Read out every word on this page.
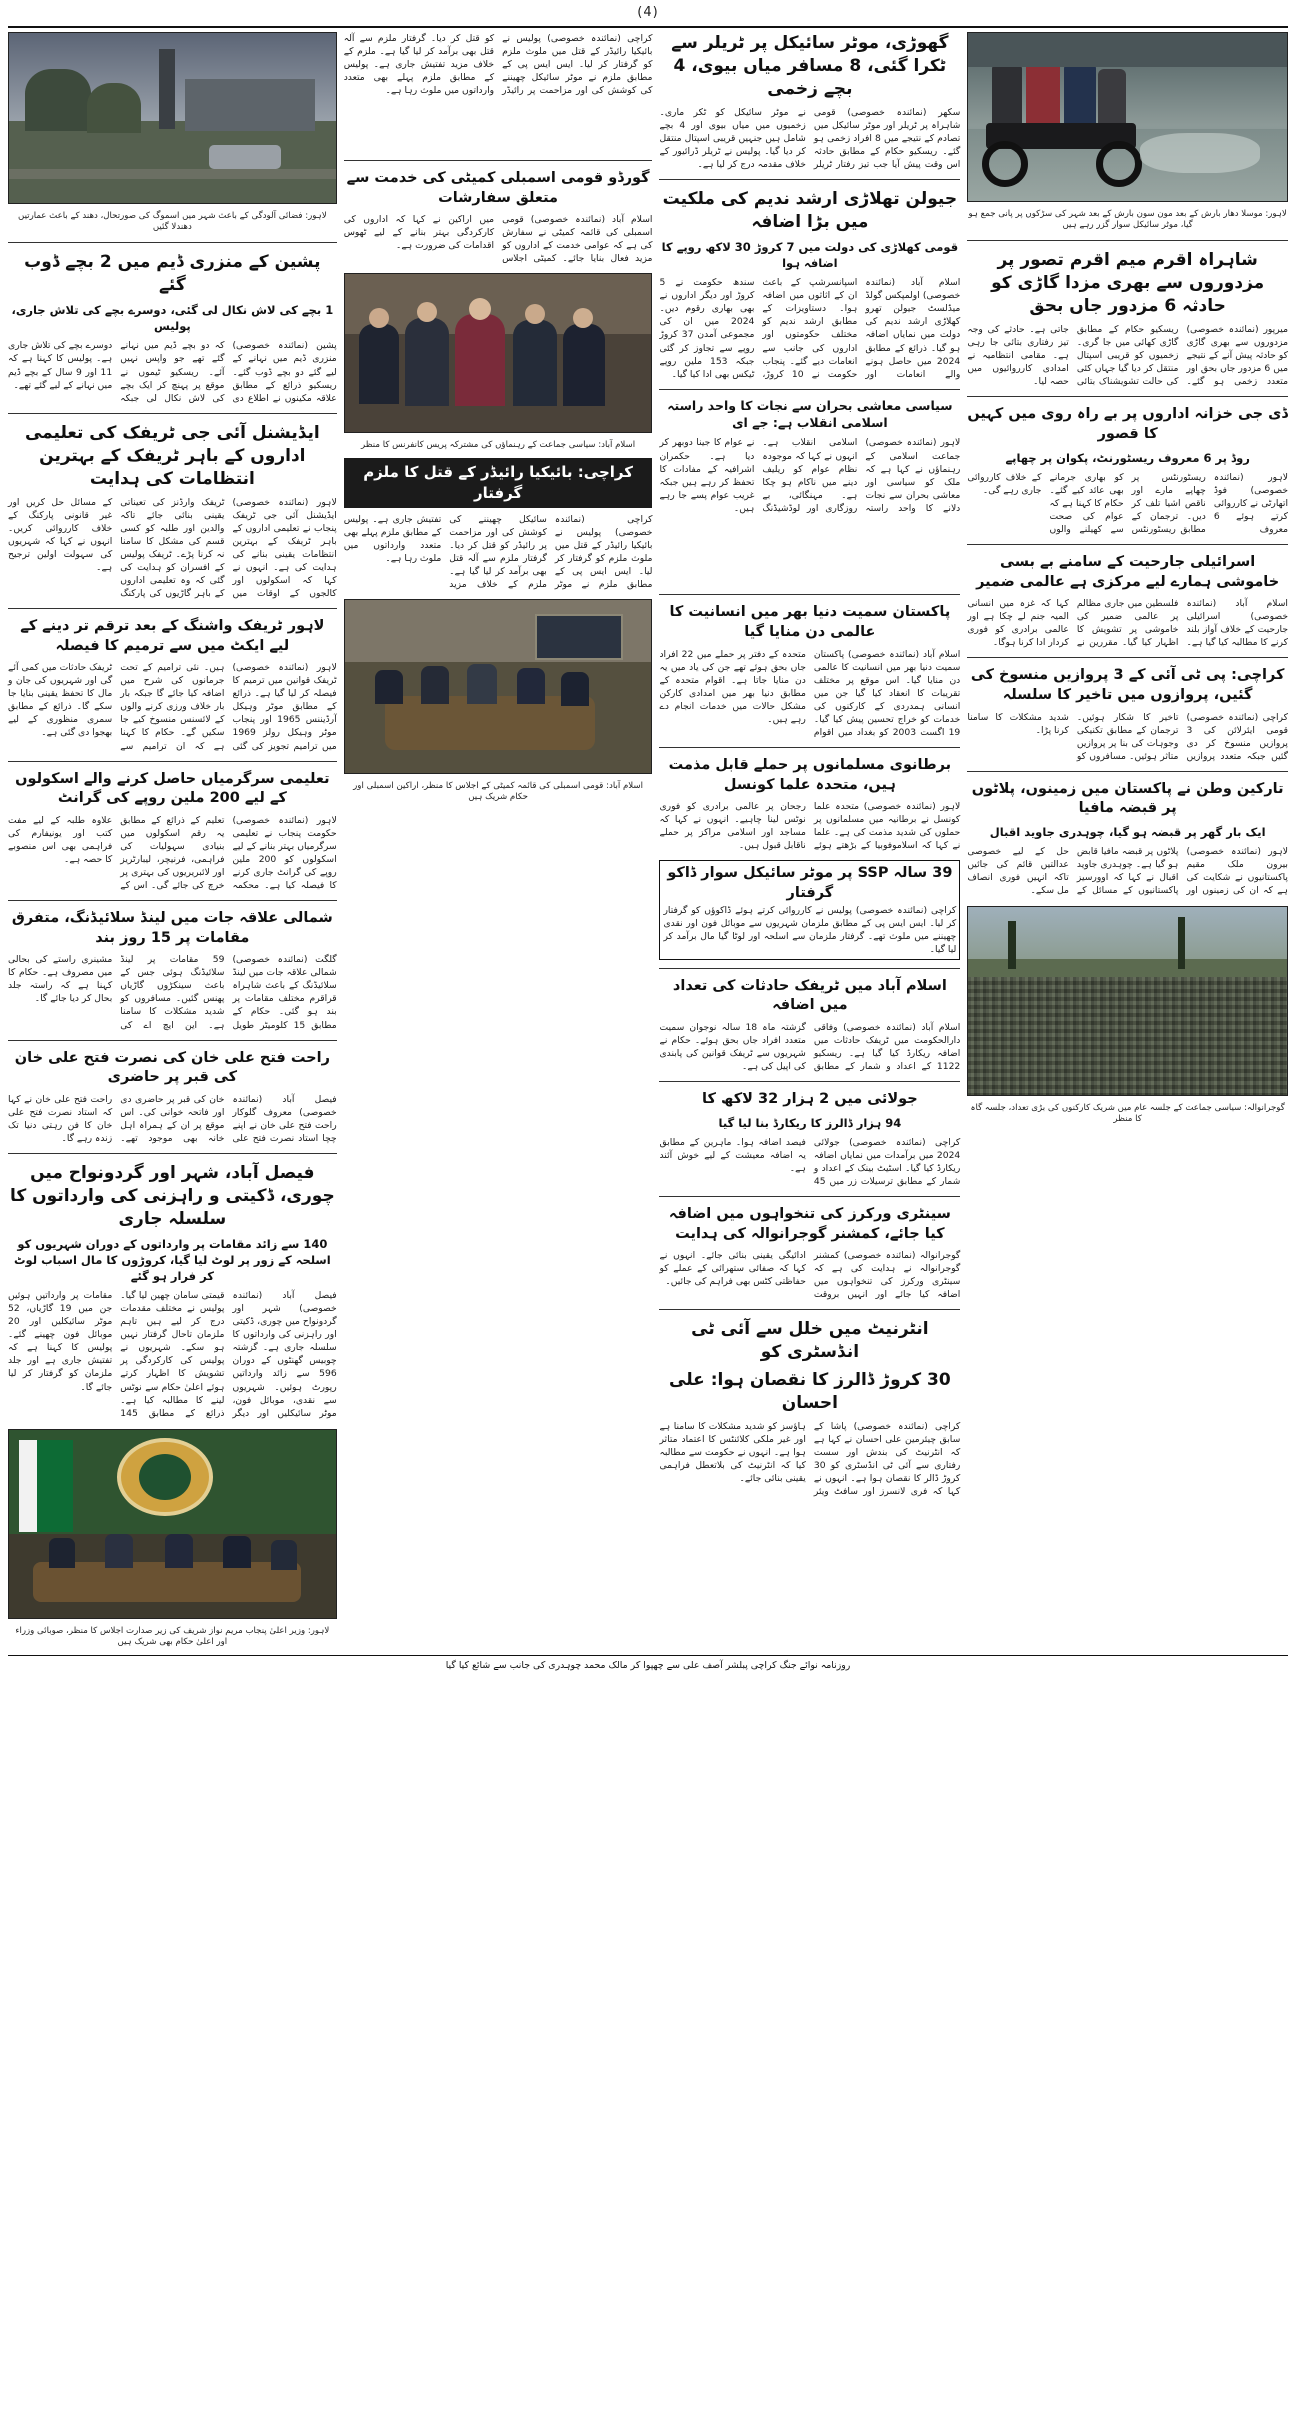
(4)
لاہور: موسلا دھار بارش کے بعد مون سون بارش کے بعد شہر کی سڑکوں پر پانی جمع ہو گیا، موٹر سائیکل سوار گزر رہے ہیں
شاہراہ اقرم میم اقرم تصور پر مزدوروں سے بھری مزدا گاڑی کو حادثہ 6 مزدور جاں بحق
میرپور (نمائندہ خصوصی) مزدوروں سے بھری گاڑی کو حادثہ پیش آنے کے نتیجے میں 6 مزدور جاں بحق اور متعدد زخمی ہو گئے۔ ریسکیو حکام کے مطابق گاڑی کھائی میں جا گری۔ زخمیوں کو قریبی اسپتال منتقل کر دیا گیا جہاں کئی کی حالت تشویشناک بتائی جاتی ہے۔ حادثے کی وجہ تیز رفتاری بتائی جا رہی ہے۔ مقامی انتظامیہ نے امدادی کارروائیوں میں حصہ لیا۔
ڈی جی خزانہ اداروں پر بے راہ روی میں کہیں کا قصور
روڈ پر 6 معروف ریسٹورنٹ، پکوان پر چھاپے
لاہور (نمائندہ خصوصی) فوڈ اتھارٹی نے کارروائی کرتے ہوئے 6 معروف ریسٹورنٹس پر چھاپے مارے اور ناقص اشیا تلف کر دیں۔ ترجمان کے مطابق ریسٹورنٹس کو بھاری جرمانے بھی عائد کیے گئے۔ حکام کا کہنا ہے کہ عوام کی صحت سے کھیلنے والوں کے خلاف کارروائی جاری رہے گی۔
اسرائیلی جارحیت کے سامنے بے بسی خاموشی ہمارے لیے مرکزی ہے عالمی ضمیر
اسلام آباد (نمائندہ خصوصی) اسرائیلی جارحیت کے خلاف آواز بلند کرنے کا مطالبہ کیا گیا ہے۔ فلسطین میں جاری مظالم پر عالمی ضمیر کی خاموشی پر تشویش کا اظہار کیا گیا۔ مقررین نے کہا کہ غزہ میں انسانی المیہ جنم لے چکا ہے اور عالمی برادری کو فوری کردار ادا کرنا ہوگا۔
کراچی: پی ٹی آئی کے 3 پروازیں منسوخ کی گئیں، پروازوں میں تاخیر کا سلسلہ
کراچی (نمائندہ خصوصی) قومی ایئرلائن کی 3 پروازیں منسوخ کر دی گئیں جبکہ متعدد پروازیں تاخیر کا شکار ہوئیں۔ ترجمان کے مطابق تکنیکی وجوہات کی بنا پر پروازیں متاثر ہوئیں۔ مسافروں کو شدید مشکلات کا سامنا کرنا پڑا۔
تارکین وطن نے پاکستان میں زمینوں، پلاٹوں پر قبضہ مافیا
ایک بار گھر پر قبضہ ہو گیا، چوہدری جاوید اقبال
لاہور (نمائندہ خصوصی) بیرون ملک مقیم پاکستانیوں نے شکایت کی ہے کہ ان کی زمینوں اور پلاٹوں پر قبضہ مافیا قابض ہو گیا ہے۔ چوہدری جاوید اقبال نے کہا کہ اوورسیز پاکستانیوں کے مسائل کے حل کے لیے خصوصی عدالتیں قائم کی جائیں تاکہ انہیں فوری انصاف مل سکے۔
گوجرانوالہ: سیاسی جماعت کے جلسہ عام میں شریک کارکنوں کی بڑی تعداد، جلسہ گاہ کا منظر
گھوڑی، موٹر سائیکل پر ٹریلر سے ٹکرا گئی، 8 مسافر میاں بیوی، 4 بچے زخمی
سکھر (نمائندہ خصوصی) قومی شاہراہ پر ٹریلر اور موٹر سائیکل میں تصادم کے نتیجے میں 8 افراد زخمی ہو گئے۔ ریسکیو حکام کے مطابق حادثہ اس وقت پیش آیا جب تیز رفتار ٹریلر نے موٹر سائیکل کو ٹکر ماری۔ زخمیوں میں میاں بیوی اور 4 بچے شامل ہیں جنہیں قریبی اسپتال منتقل کر دیا گیا۔ پولیس نے ٹریلر ڈرائیور کے خلاف مقدمہ درج کر لیا ہے۔
جیولن تھلاڑی ارشد ندیم کی ملکیت میں بڑا اضافہ
قومی کھلاڑی کی دولت میں 7 کروڑ 30 لاکھ روپے کا اضافہ ہوا
اسلام آباد (نمائندہ خصوصی) اولمپکس گولڈ میڈلسٹ جیولن تھرو کھلاڑی ارشد ندیم کی دولت میں نمایاں اضافہ ہو گیا۔ ذرائع کے مطابق 2024 میں حاصل ہونے والے انعامات اور اسپانسرشپ کے باعث ان کے اثاثوں میں اضافہ ہوا۔ دستاویزات کے مطابق ارشد ندیم کو مختلف حکومتوں اور اداروں کی جانب سے انعامات دیے گئے۔ پنجاب حکومت نے 10 کروڑ، سندھ حکومت نے 5 کروڑ اور دیگر اداروں نے بھی بھاری رقوم دیں۔ 2024 میں ان کی مجموعی آمدن 37 کروڑ روپے سے تجاوز کر گئی جبکہ 153 ملین روپے ٹیکس بھی ادا کیا گیا۔
سیاسی معاشی بحران سے نجات کا واحد راستہ اسلامی انقلاب ہے: جے ای
لاہور (نمائندہ خصوصی) جماعت اسلامی کے رہنماؤں نے کہا ہے کہ ملک کو سیاسی اور معاشی بحران سے نجات دلانے کا واحد راستہ اسلامی انقلاب ہے۔ انہوں نے کہا کہ موجودہ نظام عوام کو ریلیف دینے میں ناکام ہو چکا ہے۔ مہنگائی، بے روزگاری اور لوڈشیڈنگ نے عوام کا جینا دوبھر کر دیا ہے۔ حکمران اشرافیہ کے مفادات کا تحفظ کر رہے ہیں جبکہ غریب عوام پسے جا رہے ہیں۔
پاکستان سمیت دنیا بھر میں انسانیت کا عالمی دن منایا گیا
اسلام آباد (نمائندہ خصوصی) پاکستان سمیت دنیا بھر میں انسانیت کا عالمی دن منایا گیا۔ اس موقع پر مختلف تقریبات کا انعقاد کیا گیا جن میں انسانی ہمدردی کے کارکنوں کی خدمات کو خراج تحسین پیش کیا گیا۔ 19 اگست 2003 کو بغداد میں اقوام متحدہ کے دفتر پر حملے میں 22 افراد جاں بحق ہوئے تھے جن کی یاد میں یہ دن منایا جاتا ہے۔ اقوام متحدہ کے مطابق دنیا بھر میں امدادی کارکن مشکل حالات میں خدمات انجام دے رہے ہیں۔
برطانوی مسلمانوں پر حملے قابل مذمت ہیں، متحدہ علما کونسل
لاہور (نمائندہ خصوصی) متحدہ علما کونسل نے برطانیہ میں مسلمانوں پر حملوں کی شدید مذمت کی ہے۔ علما نے کہا کہ اسلاموفوبیا کے بڑھتے ہوئے رجحان پر عالمی برادری کو فوری نوٹس لینا چاہیے۔ انہوں نے کہا کہ مساجد اور اسلامی مراکز پر حملے ناقابل قبول ہیں۔
39 سالہ SSP پر موٹر سائیکل سوار ڈاکو گرفتار
کراچی (نمائندہ خصوصی) پولیس نے کارروائی کرتے ہوئے ڈاکوؤں کو گرفتار کر لیا۔ ایس ایس پی کے مطابق ملزمان شہریوں سے موبائل فون اور نقدی چھیننے میں ملوث تھے۔ گرفتار ملزمان سے اسلحہ اور لوٹا گیا مال برآمد کر لیا گیا۔
اسلام آباد میں ٹریفک حادثات کی تعداد میں اضافہ
اسلام آباد (نمائندہ خصوصی) وفاقی دارالحکومت میں ٹریفک حادثات میں اضافہ ریکارڈ کیا گیا ہے۔ ریسکیو 1122 کے اعداد و شمار کے مطابق گزشتہ ماہ 18 سالہ نوجوان سمیت متعدد افراد جاں بحق ہوئے۔ حکام نے شہریوں سے ٹریفک قوانین کی پابندی کی اپیل کی ہے۔
جولائی میں 2 ہزار 32 لاکھ کا
94 ہزار ڈالرز کا ریکارڈ بنا لیا گیا
کراچی (نمائندہ خصوصی) جولائی 2024 میں برآمدات میں نمایاں اضافہ ریکارڈ کیا گیا۔ اسٹیٹ بینک کے اعداد و شمار کے مطابق ترسیلات زر میں 45 فیصد اضافہ ہوا۔ ماہرین کے مطابق یہ اضافہ معیشت کے لیے خوش آئند ہے۔
سینٹری ورکرز کی تنخواہوں میں اضافہ کیا جائے، کمشنر گوجرانوالہ کی ہدایت
گوجرانوالہ (نمائندہ خصوصی) کمشنر گوجرانوالہ نے ہدایت کی ہے کہ سینٹری ورکرز کی تنخواہوں میں اضافہ کیا جائے اور انہیں بروقت ادائیگی یقینی بنائی جائے۔ انہوں نے کہا کہ صفائی ستھرائی کے عملے کو حفاظتی کٹس بھی فراہم کی جائیں۔
انٹرنیٹ میں خلل سے آئی ٹی انڈسٹری کو
30 کروڑ ڈالرز کا نقصان ہوا: علی احسان
کراچی (نمائندہ خصوصی) پاشا کے سابق چیئرمین علی احسان نے کہا ہے کہ انٹرنیٹ کی بندش اور سست رفتاری سے آئی ٹی انڈسٹری کو 30 کروڑ ڈالر کا نقصان ہوا ہے۔ انہوں نے کہا کہ فری لانسرز اور سافٹ ویئر ہاؤسز کو شدید مشکلات کا سامنا ہے اور غیر ملکی کلائنٹس کا اعتماد متاثر ہوا ہے۔ انہوں نے حکومت سے مطالبہ کیا کہ انٹرنیٹ کی بلاتعطل فراہمی یقینی بنائی جائے۔
کراچی (نمائندہ خصوصی) پولیس نے بائیکیا رائیڈر کے قتل میں ملوث ملزم کو گرفتار کر لیا۔ ایس ایس پی کے مطابق ملزم نے موٹر سائیکل چھیننے کی کوشش کی اور مزاحمت پر رائیڈر کو قتل کر دیا۔ گرفتار ملزم سے آلہ قتل بھی برآمد کر لیا گیا ہے۔ ملزم کے خلاف مزید تفتیش جاری ہے۔ پولیس کے مطابق ملزم پہلے بھی متعدد وارداتوں میں ملوث رہا ہے۔
گورڈو قومی اسمبلی کمیٹی کی خدمت سے متعلق سفارشات
اسلام آباد (نمائندہ خصوصی) قومی اسمبلی کی قائمہ کمیٹی نے سفارش کی ہے کہ عوامی خدمت کے اداروں کو مزید فعال بنایا جائے۔ کمیٹی اجلاس میں اراکین نے کہا کہ اداروں کی کارکردگی بہتر بنانے کے لیے ٹھوس اقدامات کی ضرورت ہے۔
اسلام آباد: سیاسی جماعت کے رہنماؤں کی مشترکہ پریس کانفرنس کا منظر
کراچی: بائیکیا رائیڈر کے قتل کا ملزم گرفتار
کراچی (نمائندہ خصوصی) پولیس نے بائیکیا رائیڈر کے قتل میں ملوث ملزم کو گرفتار کر لیا۔ ایس ایس پی کے مطابق ملزم نے موٹر سائیکل چھیننے کی کوشش کی اور مزاحمت پر رائیڈر کو قتل کر دیا۔ گرفتار ملزم سے آلہ قتل بھی برآمد کر لیا گیا ہے۔ ملزم کے خلاف مزید تفتیش جاری ہے۔ پولیس کے مطابق ملزم پہلے بھی متعدد وارداتوں میں ملوث رہا ہے۔
اسلام آباد: قومی اسمبلی کی قائمہ کمیٹی کے اجلاس کا منظر، اراکین اسمبلی اور حکام شریک ہیں
لاہور: فضائی آلودگی کے باعث شہر میں اسموگ کی صورتحال، دھند کے باعث عمارتیں دھندلا گئیں
پشین کے منزری ڈیم میں 2 بچے ڈوب گئے
1 بچے کی لاش نکال لی گئی، دوسرے بچے کی تلاش جاری، پولیس
پشین (نمائندہ خصوصی) منزری ڈیم میں نہانے کے لیے گئے دو بچے ڈوب گئے۔ ریسکیو ذرائع کے مطابق علاقہ مکینوں نے اطلاع دی کہ دو بچے ڈیم میں نہانے گئے تھے جو واپس نہیں آئے۔ ریسکیو ٹیموں نے موقع پر پہنچ کر ایک بچے کی لاش نکال لی جبکہ دوسرے بچے کی تلاش جاری ہے۔ پولیس کا کہنا ہے کہ 11 اور 9 سال کے بچے ڈیم میں نہانے کے لیے گئے تھے۔
ایڈیشنل آئی جی ٹریفک کی تعلیمی اداروں کے باہر ٹریفک کے بہترین انتظامات کی ہدایت
لاہور (نمائندہ خصوصی) ایڈیشنل آئی جی ٹریفک پنجاب نے تعلیمی اداروں کے باہر ٹریفک کے بہترین انتظامات یقینی بنانے کی ہدایت کی ہے۔ انہوں نے کہا کہ اسکولوں اور کالجوں کے اوقات میں ٹریفک وارڈنز کی تعیناتی یقینی بنائی جائے تاکہ والدین اور طلبہ کو کسی قسم کی مشکل کا سامنا نہ کرنا پڑے۔ ٹریفک پولیس کے افسران کو ہدایت کی گئی کہ وہ تعلیمی اداروں کے باہر گاڑیوں کی پارکنگ کے مسائل حل کریں اور غیر قانونی پارکنگ کے خلاف کارروائی کریں۔ انہوں نے کہا کہ شہریوں کی سہولت اولین ترجیح ہے۔
لاہور ٹریفک واشنگ کے بعد ترقم تر دینے کے لیے ایکٹ میں سے ترمیم کا فیصلہ
لاہور (نمائندہ خصوصی) ٹریفک قوانین میں ترمیم کا فیصلہ کر لیا گیا ہے۔ ذرائع کے مطابق موٹر وہیکل آرڈیننس 1965 اور پنجاب موٹر وہیکل رولز 1969 میں ترامیم تجویز کی گئی ہیں۔ نئی ترامیم کے تحت جرمانوں کی شرح میں اضافہ کیا جائے گا جبکہ بار بار خلاف ورزی کرنے والوں کے لائسنس منسوخ کیے جا سکیں گے۔ حکام کا کہنا ہے کہ ان ترامیم سے ٹریفک حادثات میں کمی آئے گی اور شہریوں کی جان و مال کا تحفظ یقینی بنایا جا سکے گا۔ ذرائع کے مطابق سمری منظوری کے لیے بھجوا دی گئی ہے۔
تعلیمی سرگرمیاں حاصل کرنے والے اسکولوں کے لیے 200 ملین روپے کی گرانٹ
لاہور (نمائندہ خصوصی) حکومت پنجاب نے تعلیمی سرگرمیاں بہتر بنانے کے لیے اسکولوں کو 200 ملین روپے کی گرانٹ جاری کرنے کا فیصلہ کیا ہے۔ محکمہ تعلیم کے ذرائع کے مطابق یہ رقم اسکولوں میں بنیادی سہولیات کی فراہمی، فرنیچر، لیبارٹریز اور لائبریریوں کی بہتری پر خرچ کی جائے گی۔ اس کے علاوہ طلبہ کے لیے مفت کتب اور یونیفارم کی فراہمی بھی اس منصوبے کا حصہ ہے۔
شمالی علاقہ جات میں لینڈ سلائیڈنگ، متفرق مقامات پر 15 روز بند
گلگت (نمائندہ خصوصی) شمالی علاقہ جات میں لینڈ سلائیڈنگ کے باعث شاہراہ قراقرم مختلف مقامات پر بند ہو گئی۔ حکام کے مطابق 15 کلومیٹر طویل 59 مقامات پر لینڈ سلائیڈنگ ہوئی جس کے باعث سینکڑوں گاڑیاں پھنس گئیں۔ مسافروں کو شدید مشکلات کا سامنا ہے۔ این ایچ اے کی مشینری راستے کی بحالی میں مصروف ہے۔ حکام کا کہنا ہے کہ راستہ جلد بحال کر دیا جائے گا۔
راحت فتح علی خان کی نصرت فتح علی خان کی قبر پر حاضری
فیصل آباد (نمائندہ خصوصی) معروف گلوکار راحت فتح علی خان نے اپنے چچا استاد نصرت فتح علی خان کی قبر پر حاضری دی اور فاتحہ خوانی کی۔ اس موقع پر ان کے ہمراہ اہل خانہ بھی موجود تھے۔ راحت فتح علی خان نے کہا کہ استاد نصرت فتح علی خان کا فن رہتی دنیا تک زندہ رہے گا۔
فیصل آباد، شہر اور گردونواح میں چوری، ڈکیتی و راہزنی کی وارداتوں کا سلسلہ جاری
140 سے زائد مقامات پر وارداتوں کے دوران شہریوں کو اسلحہ کے زور پر لوٹ لیا گیا، کروڑوں کا مال اسباب لوٹ کر فرار ہو گئے
فیصل آباد (نمائندہ خصوصی) شہر اور گردونواح میں چوری، ڈکیتی اور راہزنی کی وارداتوں کا سلسلہ جاری ہے۔ گزشتہ چوبیس گھنٹوں کے دوران 596 سے زائد وارداتیں رپورٹ ہوئیں۔ شہریوں سے نقدی، موبائل فون، موٹر سائیکلیں اور دیگر قیمتی سامان چھین لیا گیا۔ پولیس نے مختلف مقدمات درج کر لیے ہیں تاہم ملزمان تاحال گرفتار نہیں ہو سکے۔ شہریوں نے پولیس کی کارکردگی پر تشویش کا اظہار کرتے ہوئے اعلیٰ حکام سے نوٹس لینے کا مطالبہ کیا ہے۔ ذرائع کے مطابق 145 مقامات پر وارداتیں ہوئیں جن میں 19 گاڑیاں، 52 موٹر سائیکلیں اور 20 موبائل فون چھینے گئے۔ پولیس کا کہنا ہے کہ تفتیش جاری ہے اور جلد ملزمان کو گرفتار کر لیا جائے گا۔
لاہور: وزیر اعلیٰ پنجاب مریم نواز شریف کی زیر صدارت اجلاس کا منظر، صوبائی وزراء اور اعلیٰ حکام بھی شریک ہیں
روزنامہ نوائے جنگ کراچی پبلشر آصف علی سے چھپوا کر مالک محمد چوہدری کی جانب سے شائع کیا گیا
